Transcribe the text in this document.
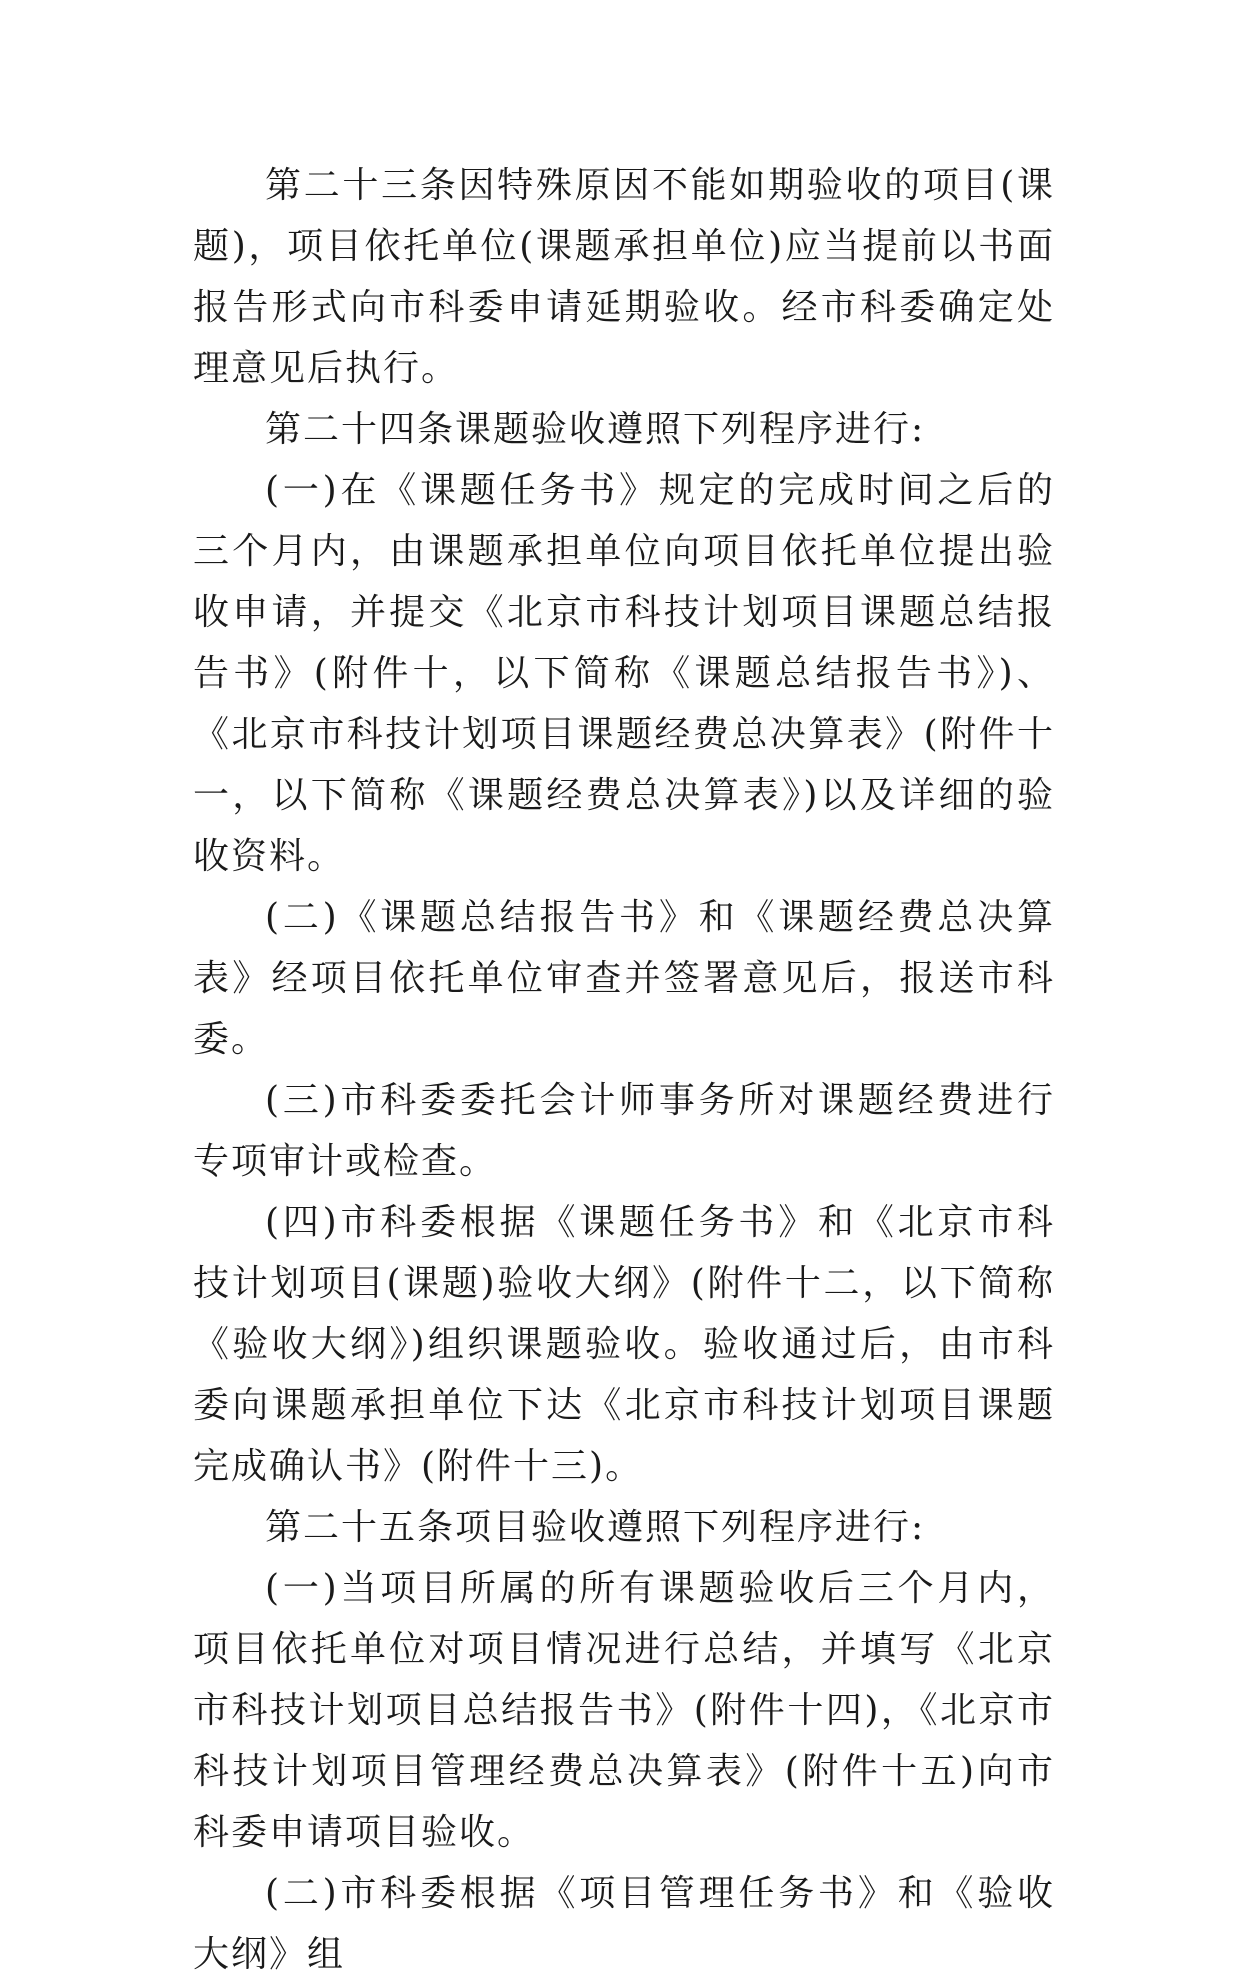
第二十三条因特殊原因不能如期验收的项目(课题)，项目依托单位(课题承担单位)应当提前以书面报告形式向市科委申请延期验收。经市科委确定处理意见后执行。

第二十四条课题验收遵照下列程序进行:

(一)在《课题任务书》规定的完成时间之后的三个月内，由课题承担单位向项目依托单位提出验收申请，并提交《北京市科技计划项目课题总结报告书》(附件十，以下简称《课题总结报告书》)、《北京市科技计划项目课题经费总决算表》(附件十一，以下简称《课题经费总决算表》)以及详细的验收资料。

(二)《课题总结报告书》和《课题经费总决算表》经项目依托单位审查并签署意见后，报送市科委。

(三)市科委委托会计师事务所对课题经费进行专项审计或检查。

(四)市科委根据《课题任务书》和《北京市科技计划项目(课题)验收大纲》(附件十二，以下简称《验收大纲》)组织课题验收。验收通过后，由市科委向课题承担单位下达《北京市科技计划项目课题完成确认书》(附件十三)。

第二十五条项目验收遵照下列程序进行:

(一)当项目所属的所有课题验收后三个月内，项目依托单位对项目情况进行总结，并填写《北京市科技计划项目总结报告书》(附件十四)，《北京市科技计划项目管理经费总决算表》(附件十五)向市科委申请项目验收。

(二)市科委根据《项目管理任务书》和《验收大纲》组
